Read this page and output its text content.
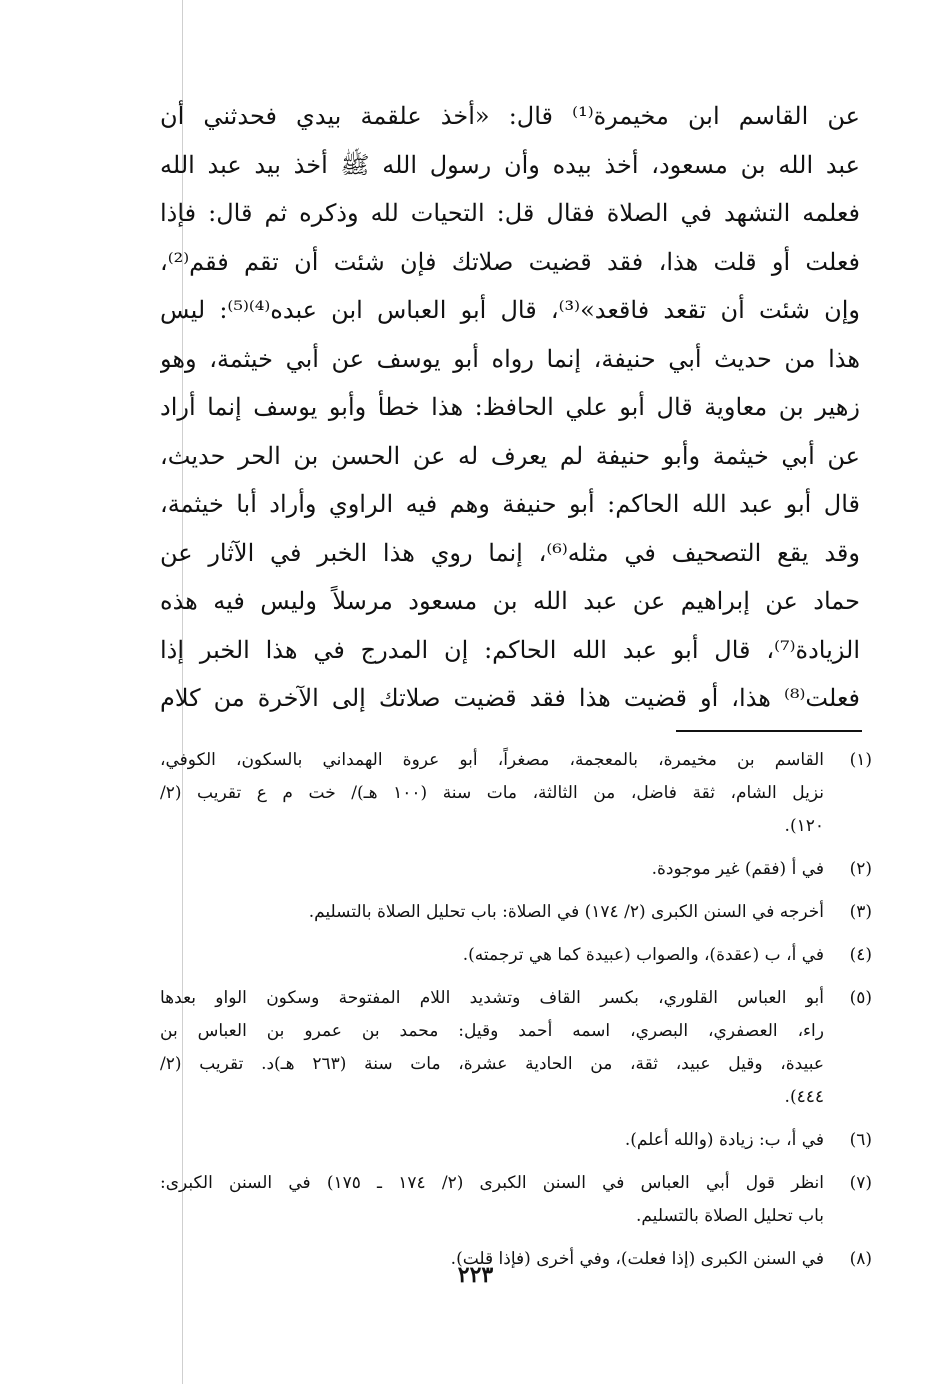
عن القاسم ابن مخيمرة⁽¹⁾ قال: «أخذ علقمة بيدي فحدثني أن
عبد الله بن مسعود، أخذ بيده وأن رسول الله ﷺ أخذ بيد عبد الله
فعلمه التشهد في الصلاة فقال قل: التحيات لله وذكره ثم قال: فإذا
فعلت أو قلت هذا، فقد قضيت صلاتك فإن شئت أن تقم فقم⁽²⁾،
وإن شئت أن تقعد فاقعد»⁽³⁾، قال أبو العباس ابن عبده⁽⁴⁾⁽⁵⁾: ليس
هذا من حديث أبي حنيفة، إنما رواه أبو يوسف عن أبي خيثمة، وهو
زهير بن معاوية قال أبو علي الحافظ: هذا خطأ وأبو يوسف إنما أراد
عن أبي خيثمة وأبو حنيفة لم يعرف له عن الحسن بن الحر حديث،
قال أبو عبد الله الحاكم: أبو حنيفة وهم فيه الراوي وأراد أبا خيثمة،
وقد يقع التصحيف في مثله⁽⁶⁾، إنما روي هذا الخبر في الآثار عن
حماد عن إبراهيم عن عبد الله بن مسعود مرسلاً وليس فيه هذه
الزيادة⁽⁷⁾، قال أبو عبد الله الحاكم: إن المدرج في هذا الخبر إذا
فعلت⁽⁸⁾ هذا، أو قضيت هذا فقد قضيت صلاتك إلى الآخرة من كلام
(١)
القاسم بن مخيمرة، بالمعجمة، مصغراً، أبو عروة الهمداني بالسكون، الكوفي،
نزيل الشام، ثقة فاضل، من الثالثة، مات سنة (١٠٠ هـ)/ خت م ع تقريب (٢/
١٢٠).
(٢)
في أ (فقم) غير موجودة.
(٣)
أخرجه في السنن الكبرى (٢/ ١٧٤) في الصلاة: باب تحليل الصلاة بالتسليم.
(٤)
في أ، ب (عقدة)، والصواب (عبيدة كما هي ترجمته).
(٥)
أبو العباس القلوري، بكسر القاف وتشديد اللام المفتوحة وسكون الواو بعدها
راء، العصفري، البصري، اسمه أحمد وقيل: محمد بن عمرو بن العباس بن
عبيدة، وقيل عبيد، ثقة، من الحادية عشرة، مات سنة (٢٦٣ هـ)د. تقريب (٢/
٤٤٤).
(٦)
في أ، ب: زيادة (والله أعلم).
(٧)
انظر قول أبي العباس في السنن الكبرى (٢/ ١٧٤ ـ ١٧٥) في السنن الكبرى:
باب تحليل الصلاة بالتسليم.
(٨)
في السنن الكبرى (إذا فعلت)، وفي أخرى (فإذا قلت).
٢٢٣
